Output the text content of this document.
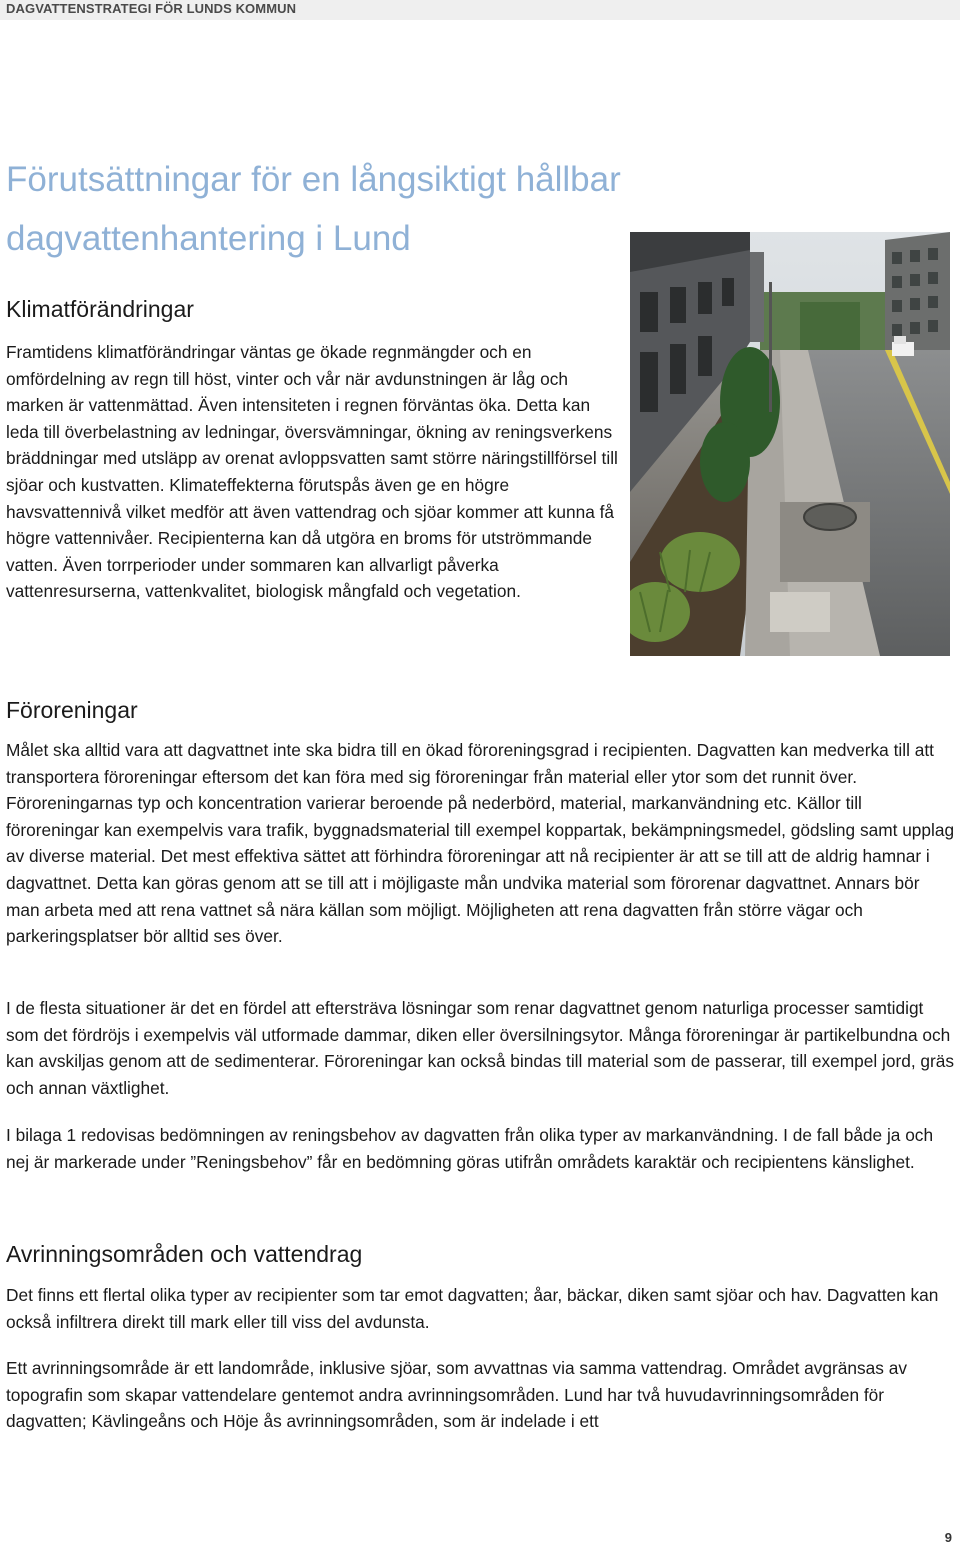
DAGVATTENSTRATEGI FÖR LUNDS KOMMUN
Förutsättningar för en långsiktigt hållbar dagvattenhantering i Lund
Klimatförändringar

Framtidens klimatförändringar väntas ge ökade regnmängder och en omfördelning av regn till höst, vinter och vår när avdunstningen är låg och marken är vattenmättad. Även intensiteten i regnen förväntas öka. Detta kan leda till överbelastning av ledningar, översvämningar, ökning av reningsverkens bräddningar med utsläpp av orenat avloppsvatten samt större näringstillförsel till sjöar och kustvatten. Klimateffekterna förutspås även ge en högre havsvattennivå vilket medför att även vattendrag och sjöar kommer att kunna få högre vattennivåer. Recipienterna kan då utgöra en broms för utströmmande vatten. Även torrperioder under sommaren kan allvarligt påverka vattenresurserna, vattenkvalitet, biologisk mångfald och vegetation.

Föroreningar

Målet ska alltid vara att dagvattnet inte ska bidra till en ökad föroreningsgrad i recipienten. Dagvatten kan medverka till att transportera föroreningar eftersom det kan föra med sig föroreningar från material eller ytor som det runnit över. Föroreningarnas typ och koncentration varierar beroende på nederbörd, material, markanvändning etc. Källor till föroreningar kan exempelvis vara trafik, byggnadsmaterial till exempel koppartak, bekämpningsmedel, gödsling samt upplag av diverse material. Det mest effektiva sättet att förhindra föroreningar att nå recipienter är att se till att de aldrig hamnar i dagvattnet. Detta kan göras genom att se till att i möjligaste mån undvika material som förorenar dagvattnet. Annars bör man arbeta med att rena vattnet så nära källan som möjligt. Möjligheten att rena dagvatten från större vägar och parkeringsplatser bör alltid ses över.

I de flesta situationer är det en fördel att eftersträva lösningar som renar dagvattnet genom naturliga processer samtidigt som det fördröjs i exempelvis väl utformade dammar, diken eller översilningsytor. Många föroreningar är partikelbundna och kan avskiljas genom att de sedimenterar. Föroreningar kan också bindas till material som de passerar, till exempel jord, gräs och annan växtlighet.

I bilaga 1 redovisas bedömningen av reningsbehov av dagvatten från olika typer av markanvändning. I de fall både ja och nej är markerade under ”Reningsbehov” får en bedömning göras utifrån områdets karaktär och recipientens känslighet.

Avrinningsområden och vattendrag

Det finns ett flertal olika typer av recipienter som tar emot dagvatten; åar, bäckar, diken samt sjöar och hav. Dagvatten kan också infiltrera direkt till mark eller till viss del avdunsta.

Ett avrinningsområde är ett landområde, inklusive sjöar, som avvattnas via samma vattendrag. Området avgränsas av topografin som skapar vattendelare gentemot andra avrinningsområden. Lund har två huvudavrinningsområden för dagvatten; Kävlingeåns och Höje ås avrinningsområden, som är indelade i ett

9
